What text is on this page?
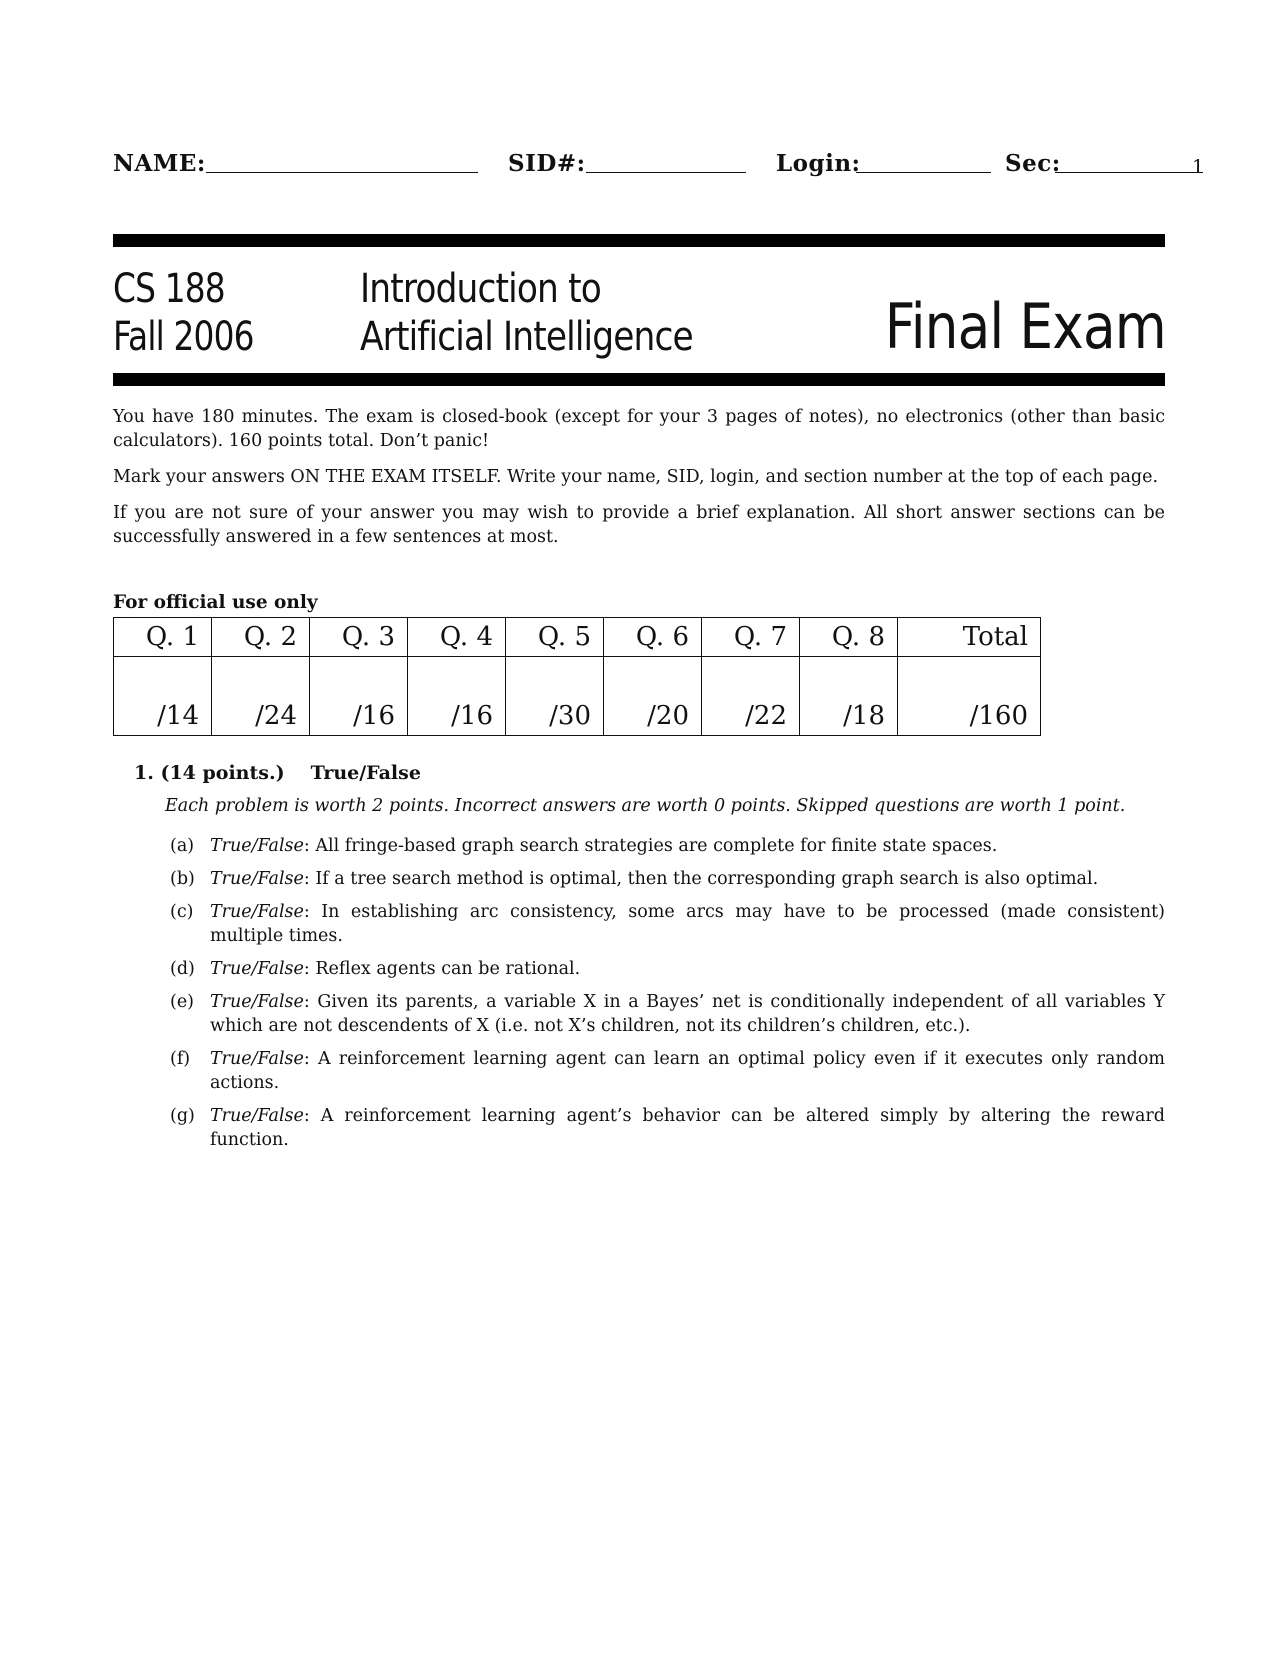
NAME:	SID#:	Login:	Sec:	1
CS 188
Fall 2006
Introduction to
Artificial Intelligence	Final Exam

You have 180 minutes. The exam is closed-book (except for your 3 pages of notes), no electronics (other than basic calculators). 160 points total. Don’t panic!

Mark your answers ON THE EXAM ITSELF. Write your name, SID, login, and section number at the top of each page.

If you are not sure of your answer you may wish to provide a brief explanation. All short answer sections can be successfully answered in a few sentences at most.

For official use only
Q. 1	Q. 2	Q. 3	Q. 4	Q. 5	Q. 6	Q. 7	Q. 8	Total
/14	/24	/16	/16	/30	/20	/22	/18	/160
1. (14 points.) True/False
Each problem is worth 2 points. Incorrect answers are worth 0 points. Skipped questions are worth 1 point.
(a) True/False: All fringe-based graph search strategies are complete for finite state spaces.
(b) True/False: If a tree search method is optimal, then the corresponding graph search is also optimal.
(c) True/False: In establishing arc consistency, some arcs may have to be processed (made consistent) multiple times.
(d) True/False: Reflex agents can be rational.
(e) True/False: Given its parents, a variable X in a Bayes’ net is conditionally independent of all variables Y which are not descendents of X (i.e. not X’s children, not its children’s children, etc.).
(f) True/False: A reinforcement learning agent can learn an optimal policy even if it executes only random actions.
(g) True/False: A reinforcement learning agent’s behavior can be altered simply by altering the reward function.
